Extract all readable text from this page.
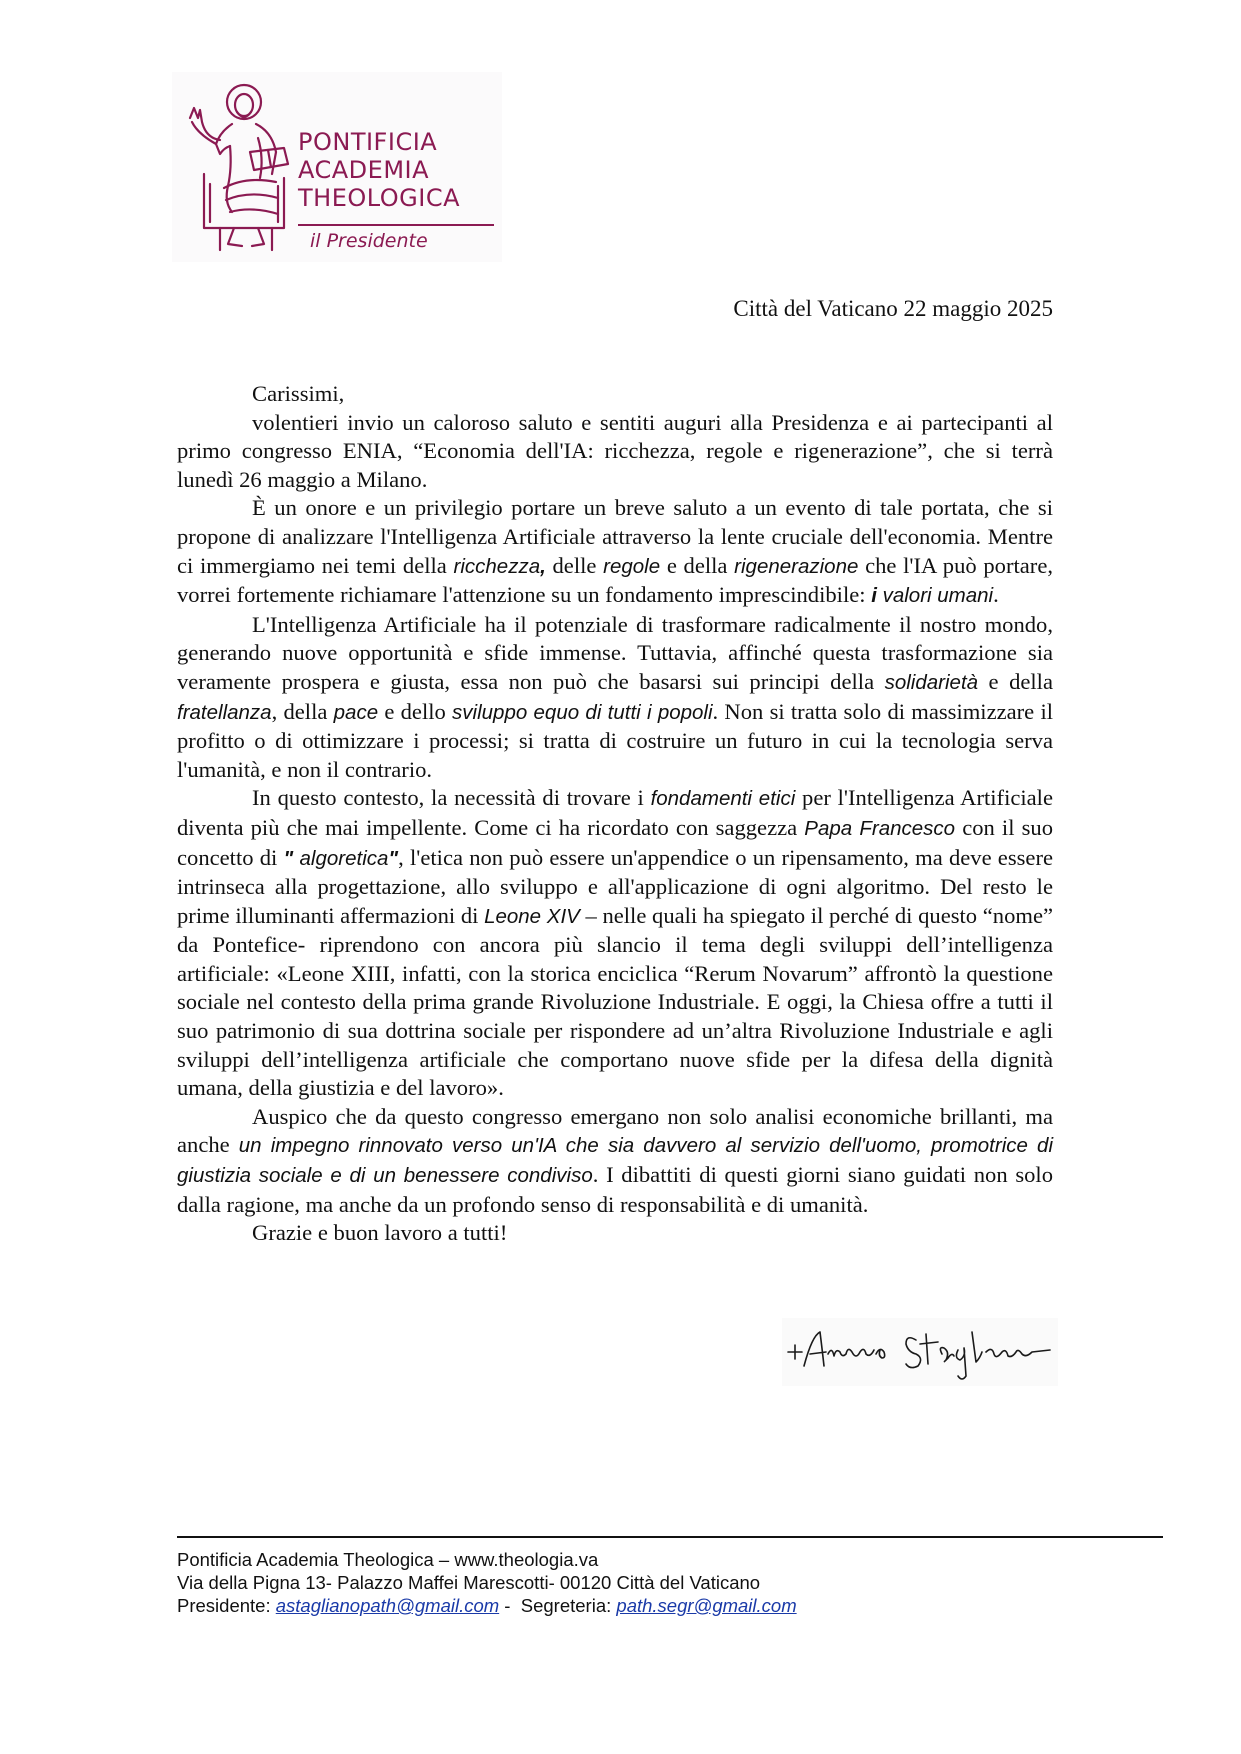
PONTIFICIA
ACADEMIA
THEOLOGICA
il Presidente
Città del Vaticano 22 maggio 2025

Carissimi,

volentieri invio un caloroso saluto e sentiti auguri alla Presidenza e ai partecipanti al primo congresso ENIA, “Economia dell'IA: ricchezza, regole e rigenerazione”, che si terrà lunedì 26 maggio a Milano.

È un onore e un privilegio portare un breve saluto a un evento di tale portata, che si propone di analizzare l'Intelligenza Artificiale attraverso la lente cruciale dell'economia. Mentre ci immergiamo nei temi della ricchezza, delle regole e della rigenerazione che l'IA può portare, vorrei fortemente richiamare l'attenzione su un fondamento imprescindibile: i valori umani.

L'Intelligenza Artificiale ha il potenziale di trasformare radicalmente il nostro mondo, generando nuove opportunità e sfide immense. Tuttavia, affinché questa trasformazione sia veramente prospera e giusta, essa non può che basarsi sui principi della solidarietà e della fratellanza, della pace e dello sviluppo equo di tutti i popoli. Non si tratta solo di massimizzare il profitto o di ottimizzare i processi; si tratta di costruire un futuro in cui la tecnologia serva l'umanità, e non il contrario.

In questo contesto, la necessità di trovare i fondamenti etici per l'Intelligenza Artificiale diventa più che mai impellente. Come ci ha ricordato con saggezza Papa Francesco con il suo concetto di " algoretica", l'etica non può essere un'appendice o un ripensamento, ma deve essere intrinseca alla progettazione, allo sviluppo e all'applicazione di ogni algoritmo. Del resto le prime illuminanti affermazioni di Leone XIV – nelle quali ha spiegato il perché di questo “nome” da Pontefice- riprendono con ancora più slancio il tema degli sviluppi dell’intelligenza artificiale: «Leone XIII, infatti, con la storica enciclica “Rerum Novarum” affrontò la questione sociale nel contesto della prima grande Rivoluzione Industriale. E oggi, la Chiesa offre a tutti il suo patrimonio di sua dottrina sociale per rispondere ad un’altra Rivoluzione Industriale e agli sviluppi dell’intelligenza artificiale che comportano nuove sfide per la difesa della dignità umana, della giustizia e del lavoro».

Auspico che da questo congresso emergano non solo analisi economiche brillanti, ma anche un impegno rinnovato verso un'IA che sia davvero al servizio dell'uomo, promotrice di giustizia sociale e di un benessere condiviso. I dibattiti di questi giorni siano guidati non solo dalla ragione, ma anche da un profondo senso di responsabilità e di umanità.

Grazie e buon lavoro a tutti!

Pontificia Academia Theologica – www.theologia.va
Via della Pigna 13- Palazzo Maffei Marescotti- 00120 Città del Vaticano
Presidente: astaglianopath@gmail.com -  Segreteria: path.segr@gmail.com
